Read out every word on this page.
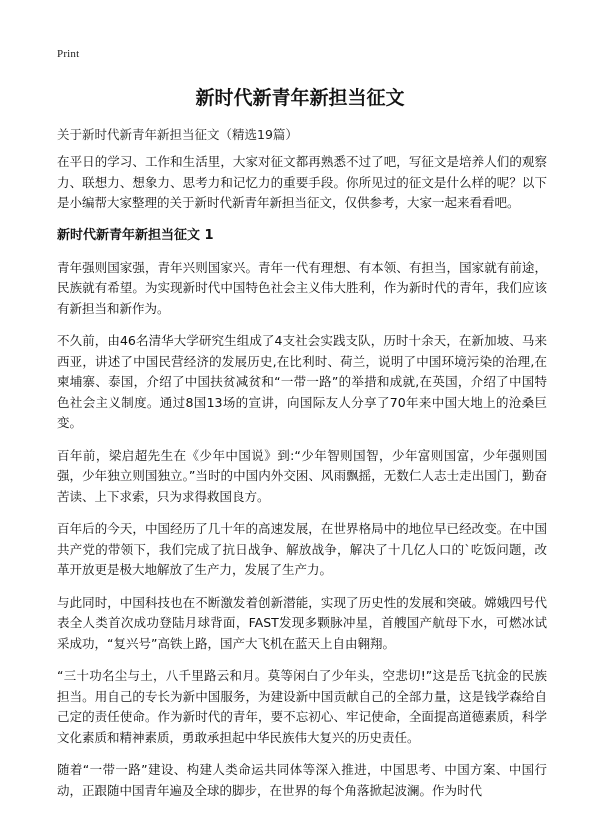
Print
新时代新青年新担当征文
关于新时代新青年新担当征文（精选19篇）

在平日的学习、工作和生活里，大家对征文都再熟悉不过了吧，写征文是培养人们的观察力、联想力、想象力、思考力和记忆力的重要手段。你所见过的征文是什么样的呢？以下是小编帮大家整理的关于新时代新青年新担当征文，仅供参考，大家一起来看看吧。

新时代新青年新担当征文 1

青年强则国家强，青年兴则国家兴。青年一代有理想、有本领、有担当，国家就有前途，民族就有希望。为实现新时代中国特色社会主义伟大胜利，作为新时代的青年，我们应该有新担当和新作为。

不久前，由46名清华大学研究生组成了4支社会实践支队，历时十余天，在新加坡、马来西亚，讲述了中国民营经济的发展历史,在比利时、荷兰，说明了中国环境污染的治理,在柬埔寨、泰国，介绍了中国扶贫减贫和“一带一路”的举措和成就,在英国，介绍了中国特色社会主义制度。通过8国13场的宣讲，向国际友人分享了70年来中国大地上的沧桑巨变。

百年前，梁启超先生在《少年中国说》到:“少年智则国智，少年富则国富，少年强则国强，少年独立则国独立。”当时的中国内外交困、风雨飘摇，无数仁人志士走出国门，勤奋苦读、上下求索，只为求得救国良方。

百年后的今天，中国经历了几十年的高速发展，在世界格局中的地位早已经改变。在中国共产党的带领下，我们完成了抗日战争、解放战争，解决了十几亿人口的`吃饭问题，改革开放更是极大地解放了生产力，发展了生产力。

与此同时，中国科技也在不断激发着创新潜能，实现了历史性的发展和突破。嫦娥四号代表全人类首次成功登陆月球背面，FAST发现多颗脉冲星，首艘国产航母下水，可燃冰试采成功，“复兴号”高铁上路，国产大飞机在蓝天上自由翱翔。

“三十功名尘与土，八千里路云和月。莫等闲白了少年头，空悲切!”这是岳飞抗金的民族担当。用自己的专长为新中国服务，为建设新中国贡献自己的全部力量，这是钱学森给自己定的责任使命。作为新时代的青年，要不忘初心、牢记使命，全面提高道德素质，科学文化素质和精神素质，勇敢承担起中华民族伟大复兴的历史责任。

随着“一带一路”建设、构建人类命运共同体等深入推进，中国思考、中国方案、中国行动，正跟随中国青年遍及全球的脚步，在世界的每个角落掀起波澜。作为时代
